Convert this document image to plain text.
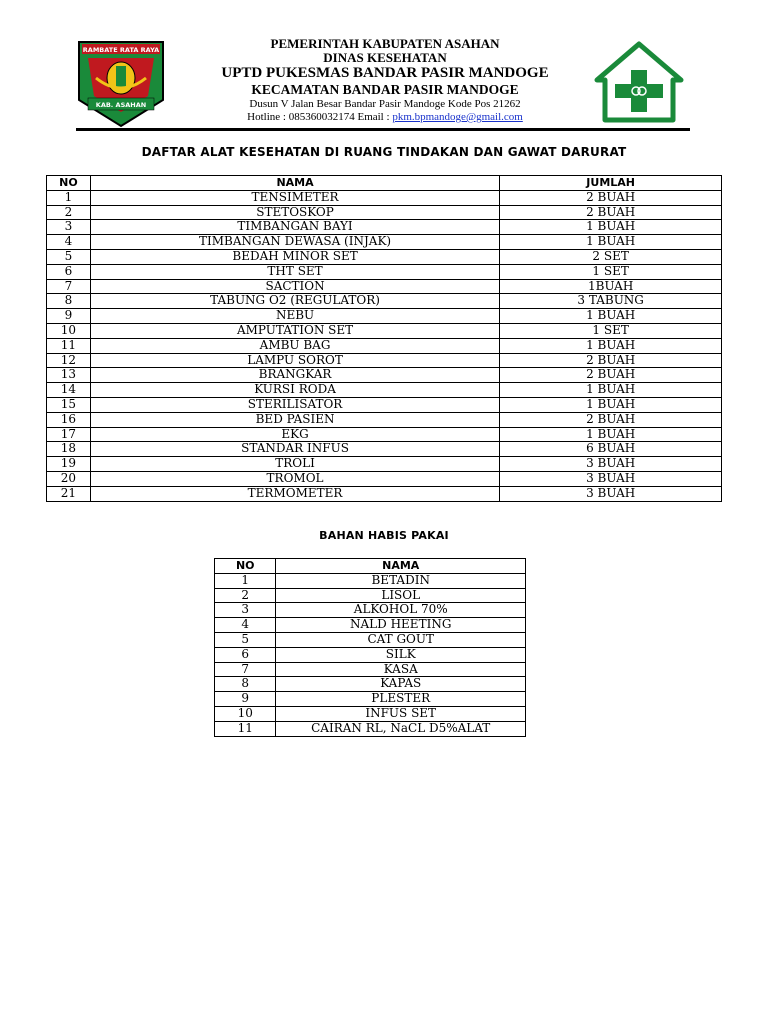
RAMBATE RATA RAYA
KAB. ASAHAN
PEMERINTAH KABUPATEN ASAHAN
DINAS KESEHATAN
UPTD PUKESMAS BANDAR PASIR MANDOGE
KECAMATAN BANDAR PASIR MANDOGE
Dusun V Jalan Besar Bandar Pasir Mandoge Kode Pos 21262
Hotline : 085360032174 Email : pkm.bpmandoge@gmail.com
DAFTAR ALAT KESEHATAN DI RUANG TINDAKAN DAN GAWAT DARURAT
NO	NAMA	JUMLAH
1	TENSIMETER	2 BUAH
2	STETOSKOP	2 BUAH
3	TIMBANGAN BAYI	1 BUAH
4	TIMBANGAN DEWASA (INJAK)	1 BUAH
5	BEDAH MINOR SET	2 SET
6	THT SET	1 SET
7	SACTION	1BUAH
8	TABUNG O2 (REGULATOR)	3 TABUNG
9	NEBU	1 BUAH
10	AMPUTATION SET	1 SET
11	AMBU BAG	1 BUAH
12	LAMPU SOROT	2 BUAH
13	BRANGKAR	2 BUAH
14	KURSI RODA	1 BUAH
15	STERILISATOR	1 BUAH
16	BED PASIEN	2 BUAH
17	EKG	1 BUAH
18	STANDAR INFUS	6 BUAH
19	TROLI	3 BUAH
20	TROMOL	3 BUAH
21	TERMOMETER	3 BUAH
BAHAN HABIS PAKAI
NO	NAMA
1	BETADIN
2	LISOL
3	ALKOHOL 70%
4	NALD HEETING
5	CAT GOUT
6	SILK
7	KASA
8	KAPAS
9	PLESTER
10	INFUS SET
11	CAIRAN RL, NaCL D5%ALAT
